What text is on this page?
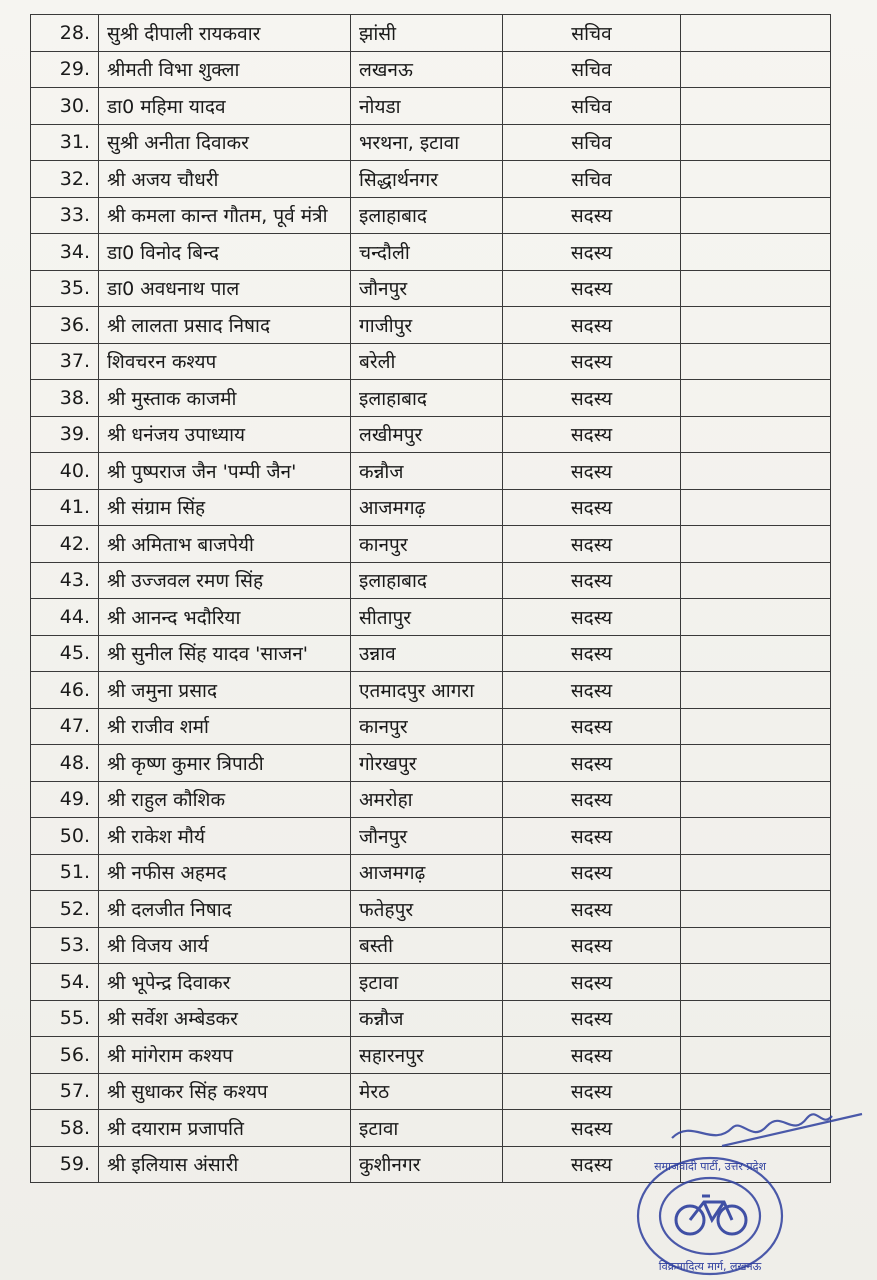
28.	सुश्री दीपाली रायकवार	झांसी	सचिव	
29.	श्रीमती विभा शुक्ला	लखनऊ	सचिव	
30.	डा0 महिमा यादव	नोयडा	सचिव	
31.	सुश्री अनीता दिवाकर	भरथना, इटावा	सचिव	
32.	श्री अजय चौधरी	सिद्धार्थनगर	सचिव	
33.	श्री कमला कान्त गौतम, पूर्व मंत्री	इलाहाबाद	सदस्य	
34.	डा0 विनोद बिन्द	चन्दौली	सदस्य	
35.	डा0 अवधनाथ पाल	जौनपुर	सदस्य	
36.	श्री लालता प्रसाद निषाद	गाजीपुर	सदस्य	
37.	शिवचरन कश्यप	बरेली	सदस्य	
38.	श्री मुस्ताक काजमी	इलाहाबाद	सदस्य	
39.	श्री धनंजय उपाध्याय	लखीमपुर	सदस्य	
40.	श्री पुष्पराज जैन 'पम्पी जैन'	कन्नौज	सदस्य	
41.	श्री संग्राम सिंह	आजमगढ़	सदस्य	
42.	श्री अमिताभ बाजपेयी	कानपुर	सदस्य	
43.	श्री उज्जवल रमण सिंह	इलाहाबाद	सदस्य	
44.	श्री आनन्द भदौरिया	सीतापुर	सदस्य	
45.	श्री सुनील सिंह यादव 'साजन'	उन्नाव	सदस्य	
46.	श्री जमुना प्रसाद	एतमादपुर आगरा	सदस्य	
47.	श्री राजीव शर्मा	कानपुर	सदस्य	
48.	श्री कृष्ण कुमार त्रिपाठी	गोरखपुर	सदस्य	
49.	श्री राहुल कौशिक	अमरोहा	सदस्य	
50.	श्री राकेश मौर्य	जौनपुर	सदस्य	
51.	श्री नफीस अहमद	आजमगढ़	सदस्य	
52.	श्री दलजीत निषाद	फतेहपुर	सदस्य	
53.	श्री विजय आर्य	बस्ती	सदस्य	
54.	श्री भूपेन्द्र दिवाकर	इटावा	सदस्य	
55.	श्री सर्वेश अम्बेडकर	कन्नौज	सदस्य	
56.	श्री मांगेराम कश्यप	सहारनपुर	सदस्य	
57.	श्री सुधाकर सिंह कश्यप	मेरठ	सदस्य	
58.	श्री दयाराम प्रजापति	इटावा	सदस्य	
59.	श्री इलियास अंसारी	कुशीनगर	सदस्य		समाजवादी पार्टी, उत्तर प्रदेश
विक्रमादित्य मार्ग, लखनऊ
